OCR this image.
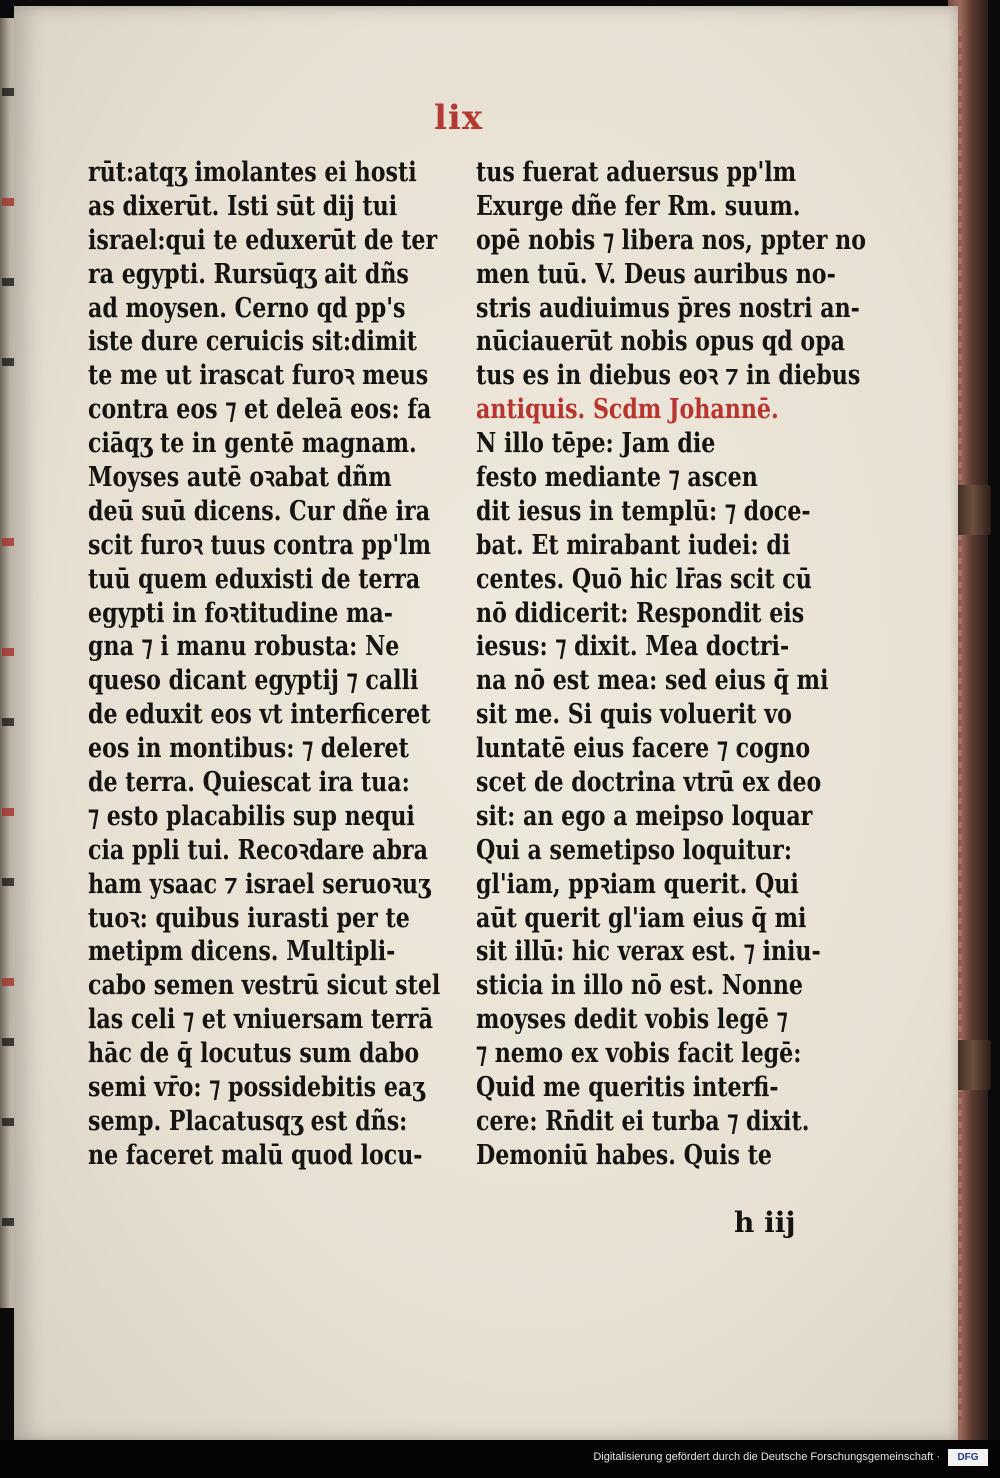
lix
rūt:atqʒ imolantes ei hosti
as dixerūt. Isti sūt dij tui
israel:qui te eduxerūt de ter
ra egypti. Rursūqʒ ait dñs
ad moysen. Cerno qd pp's
iste dure ceruicis sit:dimit
te me ut irascat furoꝛ meus
contra eos ⁊ et deleā eos: fa
ciāqʒ te in gentē magnam.
Moyses autē oꝛabat dñm
deū suū dicens. Cur dñe ira
scit furoꝛ tuus contra pp'lm
tuū quem eduxisti de terra
egypti in foꝛtitudine ma-
gna ⁊ i manu robusta: Ne
queso dicant egyptij ⁊ calli
de eduxit eos vt interficeret
eos in montibus: ⁊ deleret
de terra. Quiescat ira tua:
⁊ esto placabilis sup nequi
cia ppli tui. Recoꝛdare abra
ham ysaac ⁊ israel seruoꝛuʒ
tuoꝛ: quibus iurasti per te
metipm dicens. Multipli-
cabo semen vestrū sicut stel
las celi ⁊ et vniuersam terrā
hāc de q̄ locutus sum dabo
semi vr̄o: ⁊ possidebitis eaʒ
semp. Placatusqʒ est dñs:
ne faceret malū quod locu-
tus fuerat aduersus pp'lm
Exurge dñe fer Rm. suum.
opē nobis ⁊ libera nos, ppter no
men tuū. V. Deus auribus no-
stris audiuimus p̄res nostri an-
nūciauerūt nobis opus qd opa
tus es in diebus eoꝛ ⁊ in diebus
antiquis. Scdm Johannē.
N illo tēpe: Jam die
festo mediante ⁊ ascen
dit iesus in templū: ⁊ doce-
bat. Et mirabant iudei: di
centes. Quō hic lr̄as scit cū
nō didicerit: Respondit eis
iesus: ⁊ dixit. Mea doctri-
na nō est mea: sed eius q̄ mi
sit me. Si quis voluerit vo
luntatē eius facere ⁊ cogno
scet de doctrina vtrū ex deo
sit: an ego a meipso loquar
Qui a semetipso loquitur:
gl'iam, ppꝛiam querit. Qui
aūt querit gl'iam eius q̄ mi
sit illū: hic verax est. ⁊ iniu-
sticia in illo nō est. Nonne
moyses dedit vobis legē ⁊
⁊ nemo ex vobis facit legē:
Quid me queritis interfi-
cere: Rn̄dit ei turba ⁊ dixit.
Demoniū habes. Quis te
h iij
Digitalisierung gefördert durch die Deutsche Forschungsgemeinschaft ·	DFG
